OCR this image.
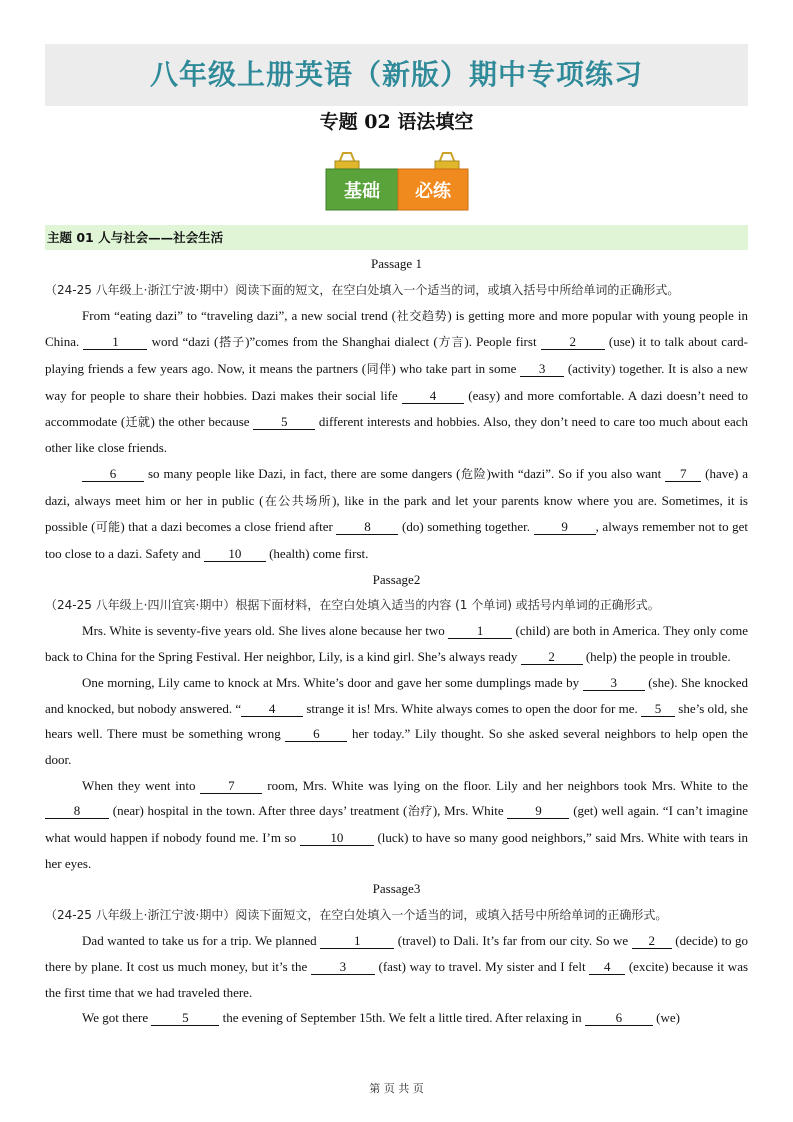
八年级上册英语（新版）期中专项练习
专题 02 语法填空
基础 必练
主题 01 人与社会——社会生活

Passage 1

（24-25 八年级上·浙江宁波·期中）阅读下面的短文，在空白处填入一个适当的词，或填入括号中所给单词的正确形式。

From “eating dazi” to “traveling dazi”, a new social trend (社交趋势) is getting more and more popular with young people in China.	1	word “dazi (搭子)”comes from the Shanghai dialect (方言). People first	2	(use) it to talk about card-playing friends a few years ago. Now, it means the partners (同伴) who take part in some 3 (activity) together. It is also a new way for people to share their hobbies. Dazi makes their social life 4 (easy) and more comfortable. A dazi doesn’t need to accommodate (迁就) the other because 5 different interests and hobbies. Also, they don’t need to care too much about each other like close friends.

6 so many people like Dazi, in fact, there are some dangers (危险)with “dazi”. So if you also want 7 (have) a dazi, always meet him or her in public (在公共场所), like in the park and let your parents know where you are. Sometimes, it is possible (可能) that a dazi becomes a close friend after 8 (do) something together. 9 , always remember not to get too close to a dazi. Safety and 10 (health) come first.

Passage2

（24-25 八年级上·四川宜宾·期中）根据下面材料，在空白处填入适当的内容 (1 个单词) 或括号内单词的正确形式。

Mrs. White is seventy-five years old. She lives alone because her two 1 (child) are both in America. They only come back to China for the Spring Festival. Her neighbor, Lily, is a kind girl. She’s always ready 2 (help) the people in trouble.

One morning, Lily came to knock at Mrs. White’s door and gave her some dumplings made by 3 (she). She knocked and knocked, but nobody answered. “ 4 strange it is! Mrs. White always comes to open the door for me. 5 she’s old, she hears well. There must be something wrong 6 her today.” Lily thought. So she asked several neighbors to help open the door.

When they went into	7	room, Mrs. White was lying on the floor. Lily and her neighbors took Mrs. White to the 8	(near) hospital in the town. After three days’ treatment (治疗), Mrs. White 9 (get) well again. “I can’t imagine what would happen if nobody found me. I’m so	10	(luck) to have so many good neighbors,” said Mrs. White with tears in her eyes.

Passage3

（24-25 八年级上·浙江宁波·期中）阅读下面短文，在空白处填入一个适当的词，或填入括号中所给单词的正确形式。

Dad wanted to take us for a trip. We planned	1	(travel) to Dali. It’s far from our city. So we 2 (decide) to go there by plane. It cost us much money, but it’s the 3 (fast) way to travel. My sister and I felt 4 (excite) because it was the first time that we had traveled there.

We got there	5	the evening of September 15th. We felt a little tired. After relaxing in	6	(we)

第 页 共 页
